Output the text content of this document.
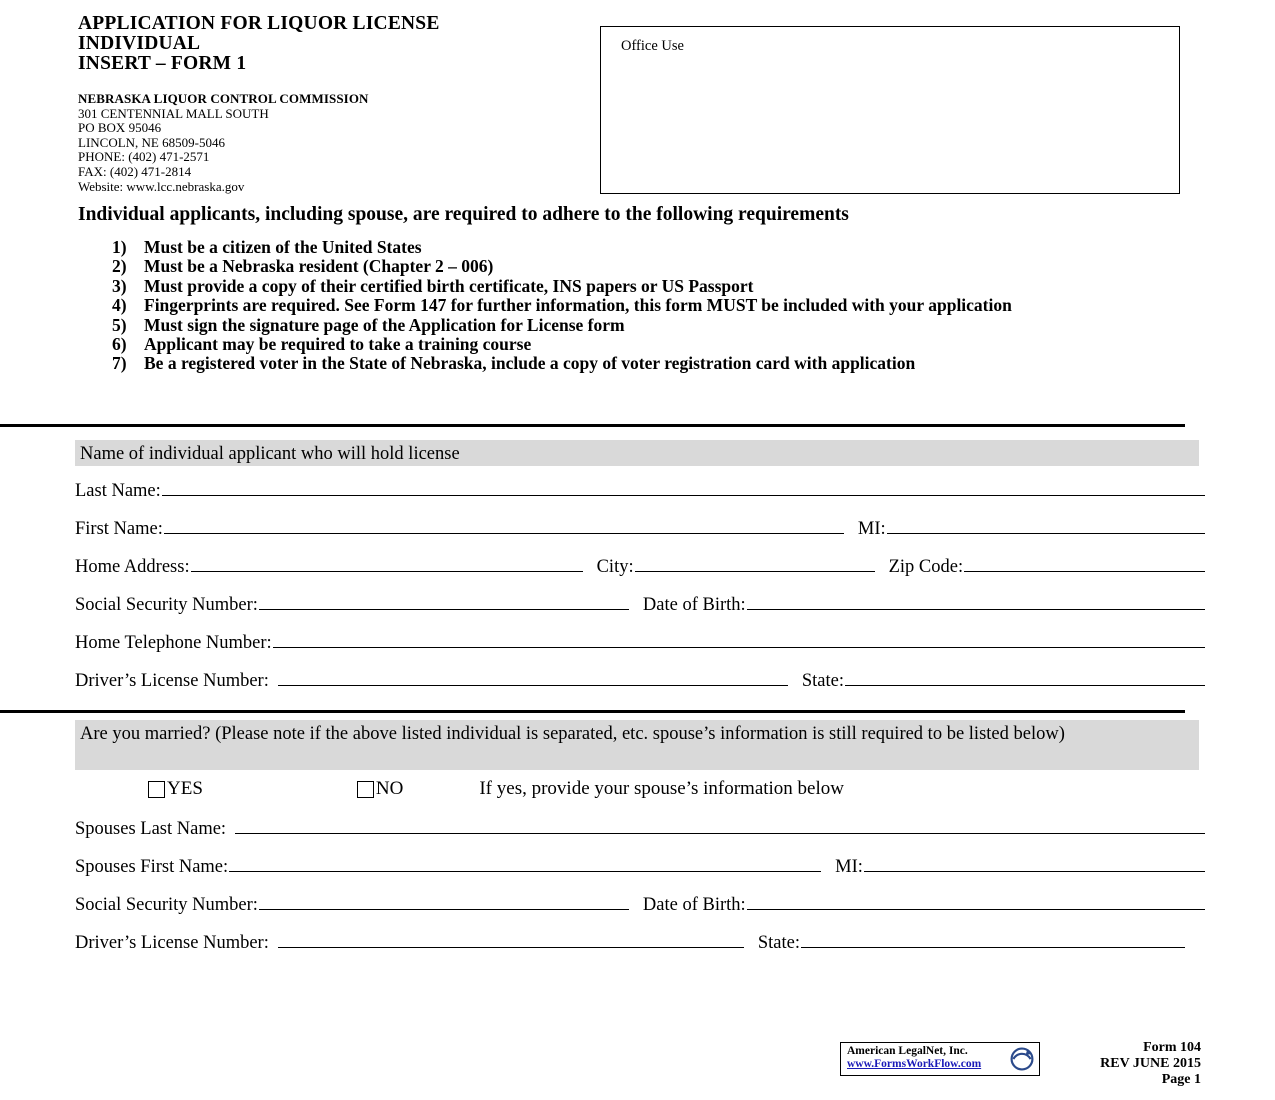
APPLICATION FOR LIQUOR LICENSE
INDIVIDUAL
INSERT – FORM 1
NEBRASKA LIQUOR CONTROL COMMISSION
301 CENTENNIAL MALL SOUTH
PO BOX 95046
LINCOLN, NE 68509-5046
PHONE: (402) 471-2571
FAX: (402) 471-2814
Website: www.lcc.nebraska.gov
Office Use
Individual applicants, including spouse, are required to adhere to the following requirements
1) Must be a citizen of the United States
2) Must be a Nebraska resident (Chapter 2 – 006)
3) Must provide a copy of their certified birth certificate, INS papers or US Passport
4) Fingerprints are required. See Form 147 for further information, this form MUST be included with your application
5) Must sign the signature page of the Application for License form
6) Applicant may be required to take a training course
7) Be a registered voter in the State of Nebraska, include a copy of voter registration card with application
Name of individual applicant who will hold license
Last Name:
First Name:	MI:
Home Address:	City:	Zip Code:
Social Security Number:	Date of Birth:
Home Telephone Number:
Driver’s License Number:	State:
Are you married? (Please note if the above listed individual is separated, etc. spouse’s information is still required to be listed below)
YES	NO	If yes, provide your spouse’s information below
Spouses Last Name:
Spouses First Name:	MI:
Social Security Number:	Date of Birth:
Driver’s License Number:	State:
American LegalNet, Inc.
www.FormsWorkFlow.com
Form 104
REV JUNE 2015
Page 1
